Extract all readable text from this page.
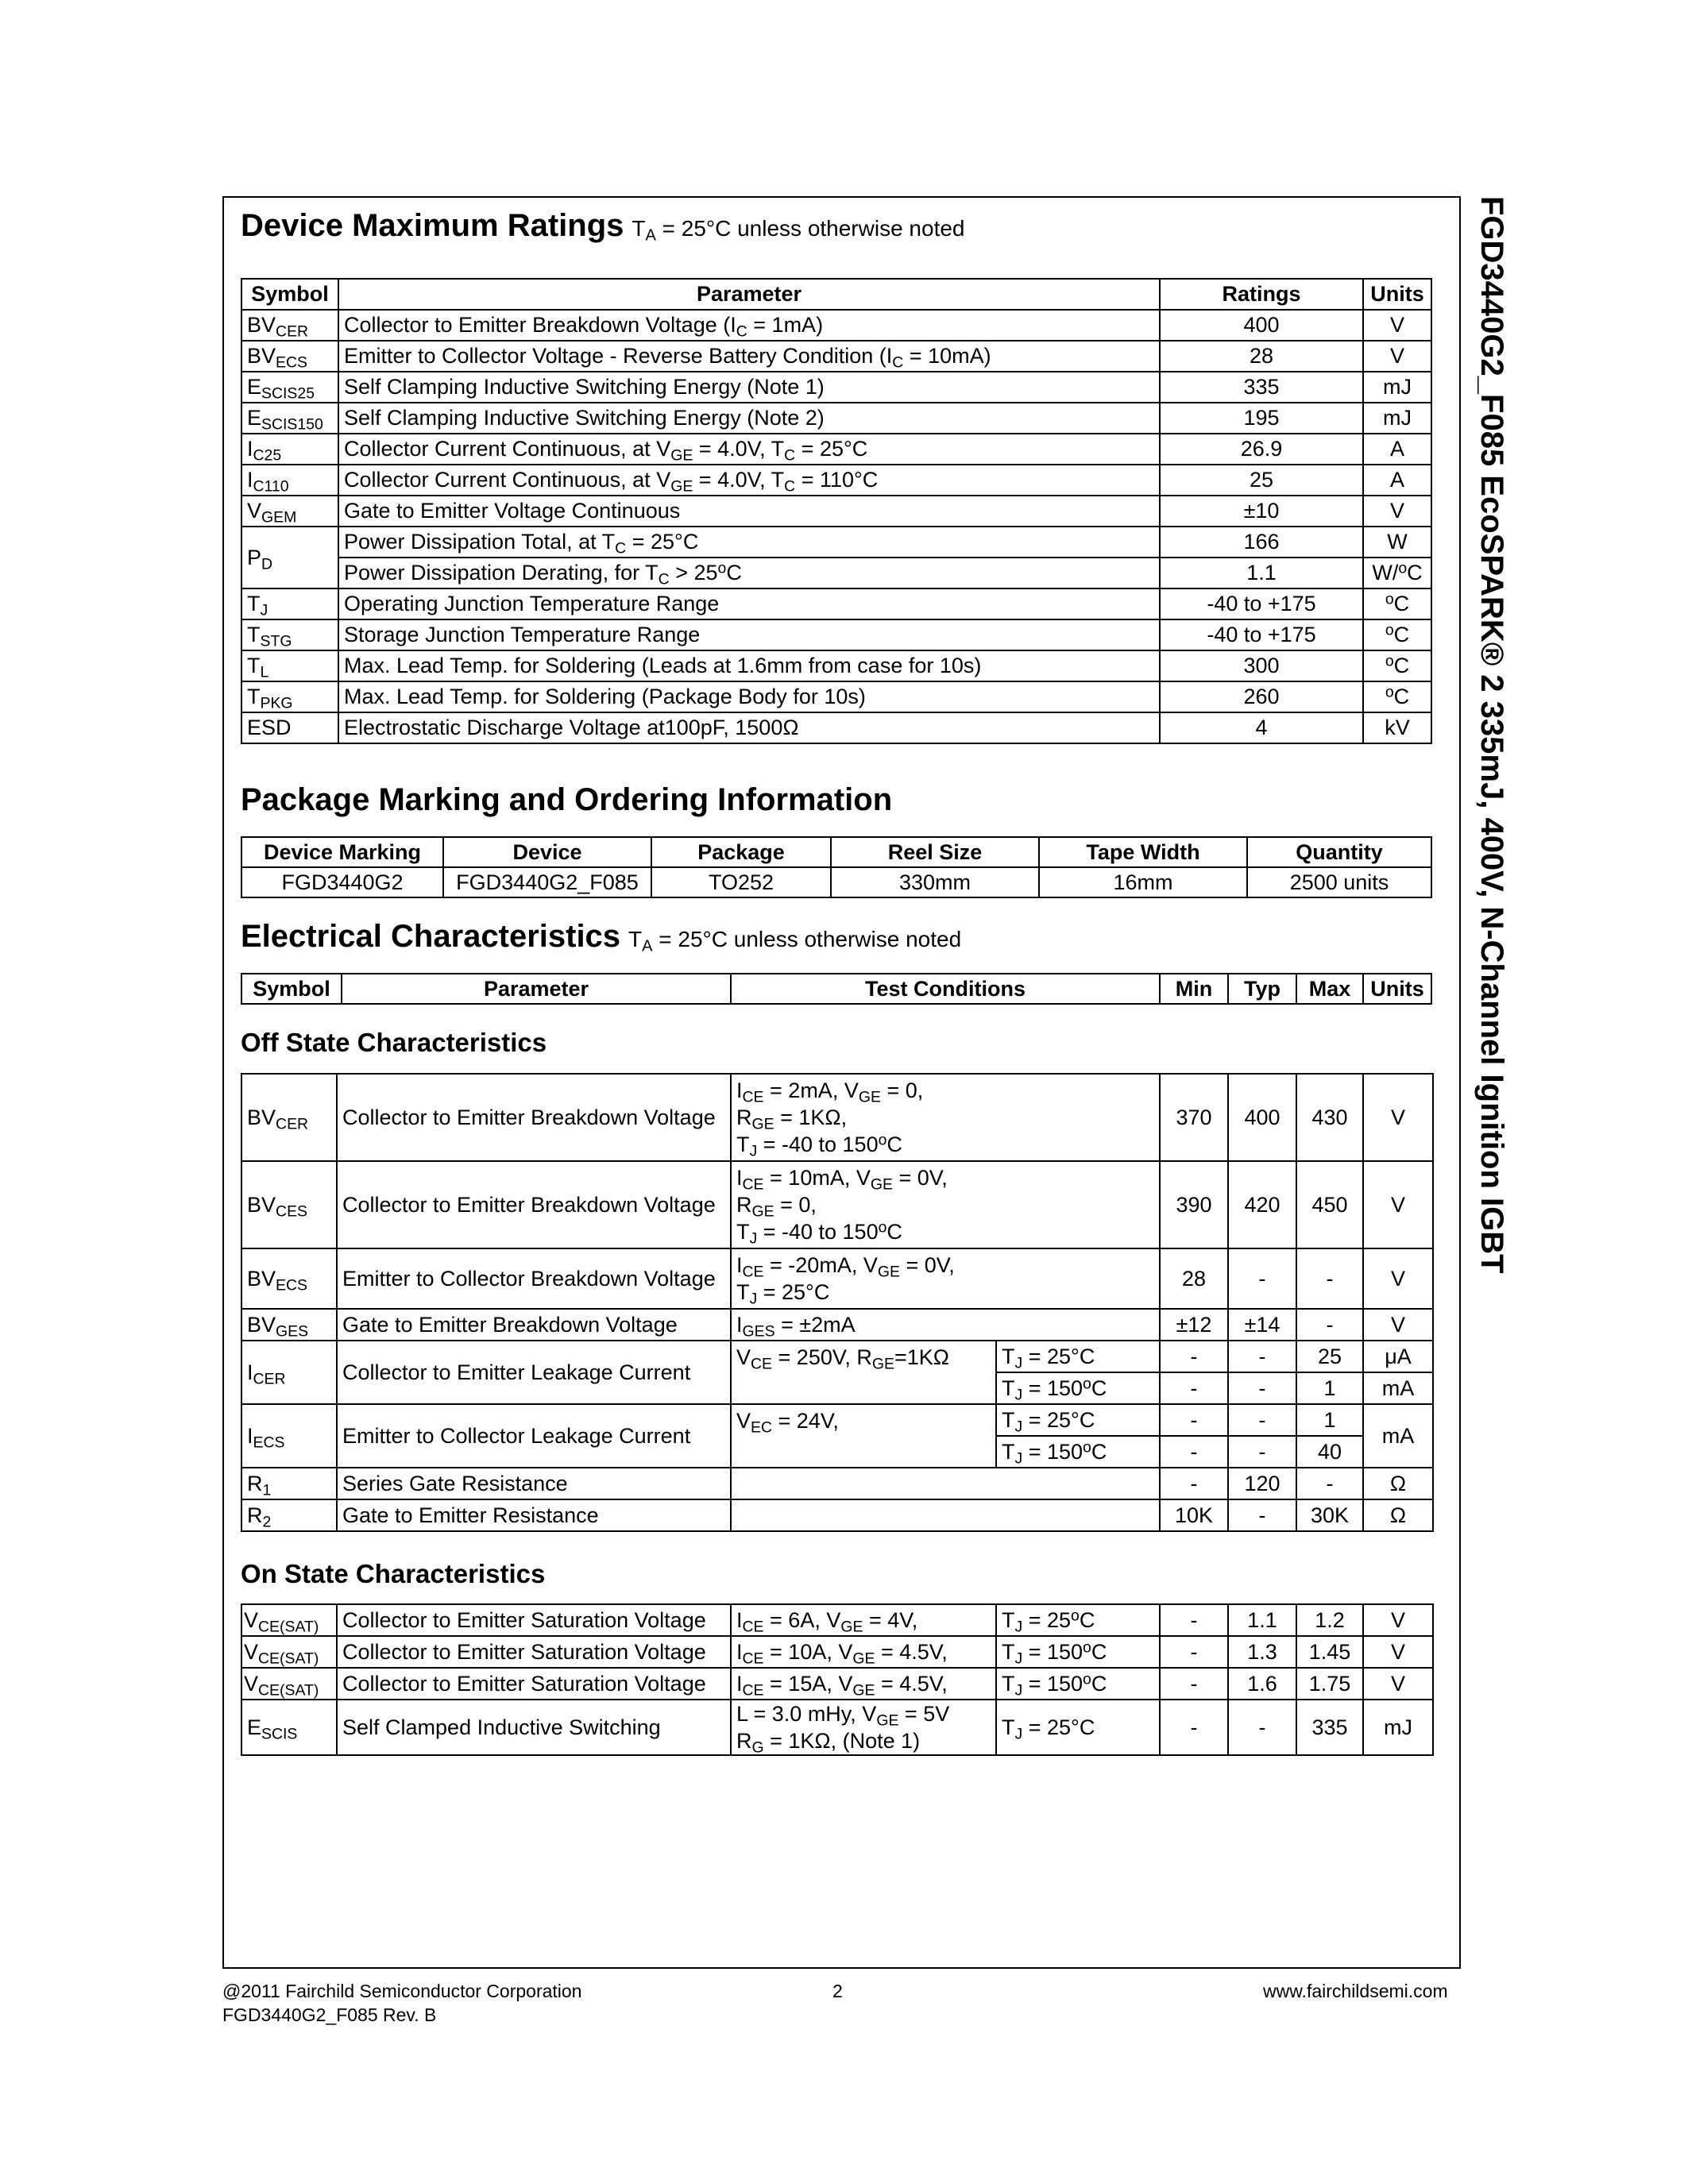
Device Maximum Ratings $T_A = 25^\circ C$ unless otherwise noted
Symbol	Parameter	Ratings	Units
$BV_{CER}$	Collector to Emitter Breakdown Voltage $(I_C = 1mA)$	400	V
$BV_{ECS}$	Emitter to Collector Voltage - Reverse Battery Condition $(I_C = 10mA)$	28	V
$E_{SCIS25}$	Self Clamping Inductive Switching Energy (Note 1)	335	mJ
$E_{SCIS150}$	Self Clamping Inductive Switching Energy (Note 2)	195	mJ
$I_{C25}$	Collector Current Continuous, at $V_{GE} = 4.0V$, $T_C = 25^\circ C$	26.9	A
$I_{C110}$	Collector Current Continuous, at $V_{GE} = 4.0V$, $T_C = 110^\circ C$	25	A
$V_{GEM}$	Gate to Emitter Voltage Continuous	±10	V
$P_D$	Power Dissipation Total, at $T_C = 25^\circ C$	166	W
	Power Dissipation Derating, for $T_C > 25^oC$	1.1	W/$^o$C
$T_J$	Operating Junction Temperature Range	-40 to +175	$^o$C
$T_{STG}$	Storage Junction Temperature Range	-40 to +175	$^o$C
$T_L$	Max. Lead Temp. for Soldering (Leads at 1.6mm from case for 10s)	300	$^o$C
$T_{PKG}$	Max. Lead Temp. for Soldering (Package Body for 10s)	260	$^o$C
ESD	Electrostatic Discharge Voltage at100pF, 1500Ω	4	kV
Package Marking and Ordering Information
Device Marking	Device	Package	Reel Size	Tape Width	Quantity
FGD3440G2	FGD3440G2_F085	TO252	330mm	16mm	2500 units
Electrical Characteristics $T_A = 25^\circ C$ unless otherwise noted
Symbol	Parameter	Test Conditions	Min	Typ	Max	Units
Off State Characteristics
$BV_{CER}$	Collector to Emitter Breakdown Voltage	$I_{CE} = 2mA$, $V_{GE} = 0$,
$R_{GE} = 1K\Omega$,
$T_J = -40$ to 150$^o$C		370	400	430	V
$BV_{CES}$	Collector to Emitter Breakdown Voltage	$I_{CE} = 10mA$, $V_{GE} = 0V$,
$R_{GE} = 0$,
$T_J = -40$ to 150$^o$C		390	420	450	V
$BV_{ECS}$	Emitter to Collector Breakdown Voltage	$I_{CE} = -20mA$, $V_{GE} = 0V$,
$T_J = 25^\circ C$		28	-	-	V
$BV_{GES}$	Gate to Emitter Breakdown Voltage	$I_{GES} = \pm 2mA$		±12	±14	-	V
$I_{CER}$	Collector to Emitter Leakage Current	$V_{CE} = 250V$, $R_{GE}=1K\Omega$	$T_J = 25^\circ C$	-	-	25	μA
			$T_J = 150^oC$	-	-	1	mA
$I_{ECS}$	Emitter to Collector Leakage Current	$V_{EC} = 24V$,	$T_J = 25^\circ C$	-	-	1	mA
			$T_J = 150^oC$	-	-	40	
$R_1$	Series Gate Resistance			-	120	-	Ω
$R_2$	Gate to Emitter Resistance			10K	-	30K	Ω
On State Characteristics
$V_{CE(SAT)}$	Collector to Emitter Saturation Voltage	$I_{CE} = 6A$, $V_{GE} = 4V$,	$T_J = 25^oC$	-	1.1	1.2	V
$V_{CE(SAT)}$	Collector to Emitter Saturation Voltage	$I_{CE} = 10A$, $V_{GE} = 4.5V$,	$T_J = 150^oC$	-	1.3	1.45	V
$V_{CE(SAT)}$	Collector to Emitter Saturation Voltage	$I_{CE} = 15A$, $V_{GE} = 4.5V$,	$T_J = 150^oC$	-	1.6	1.75	V
$E_{SCIS}$	Self Clamped Inductive Switching	L = 3.0 mHy, $V_{GE} = 5V$
$R_G = 1K\Omega$, (Note 1)	$T_J = 25^\circ C$	-	-	335	mJ
FGD3440G2_F085 EcoSPARK® 2 335mJ, 400V, N-Channel Ignition IGBT
@2011 Fairchild Semiconductor Corporation
FGD3440G2_F085 Rev. B
2	www.fairchildsemi.com
